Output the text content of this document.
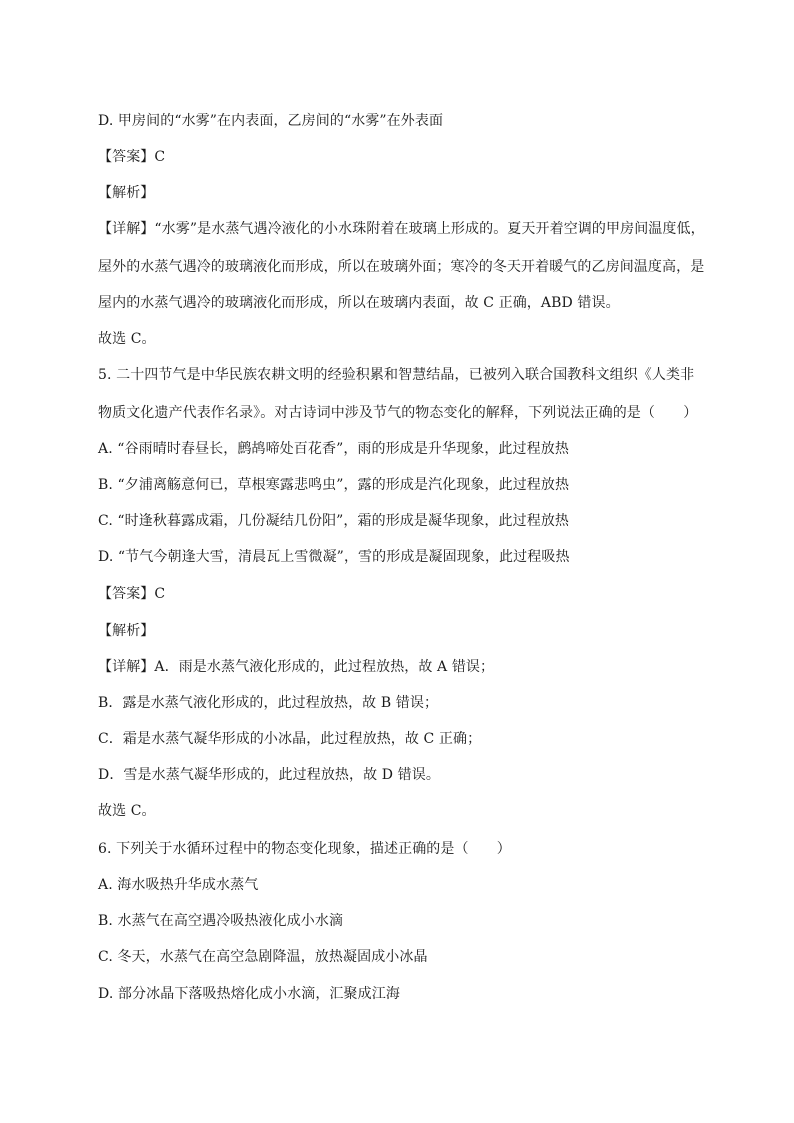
D. 甲房间的“水雾”在内表面，乙房间的“水雾”在外表面
【答案】C
【解析】
【详解】“水雾”是水蒸气遇冷液化的小水珠附着在玻璃上形成的。夏天开着空调的甲房间温度低，
屋外的水蒸气遇冷的玻璃液化而形成，所以在玻璃外面；寒冷的冬天开着暖气的乙房间温度高，是
屋内的水蒸气遇冷的玻璃液化而形成，所以在玻璃内表面，故 C 正确，ABD 错误。
故选 C。
5. 二十四节气是中华民族农耕文明的经验积累和智慧结晶，已被列入联合国教科文组织《人类非
物质文化遗产代表作名录》。对古诗词中涉及节气的物态变化的解释，下列说法正确的是（　　）
A. “谷雨晴时春昼长，鹧鸪啼处百花香”，雨的形成是升华现象，此过程放热
B. “夕浦离觞意何已，草根寒露悲鸣虫”，露的形成是汽化现象，此过程放热
C. “时逢秋暮露成霜，几份凝结几份阳”，霜的形成是凝华现象，此过程放热
D. “节气今朝逢大雪，清晨瓦上雪微凝”，雪的形成是凝固现象，此过程吸热
【答案】C
【解析】
【详解】A．雨是水蒸气液化形成的，此过程放热，故 A 错误；
B．露是水蒸气液化形成的，此过程放热，故 B 错误；
C．霜是水蒸气凝华形成的小冰晶，此过程放热，故 C 正确；
D．雪是水蒸气凝华形成的，此过程放热，故 D 错误。
故选 C。
6. 下列关于水循环过程中的物态变化现象，描述正确的是（　　）
A. 海水吸热升华成水蒸气
B. 水蒸气在高空遇冷吸热液化成小水滴
C. 冬天，水蒸气在高空急剧降温，放热凝固成小冰晶
D. 部分冰晶下落吸热熔化成小水滴，汇聚成江海
